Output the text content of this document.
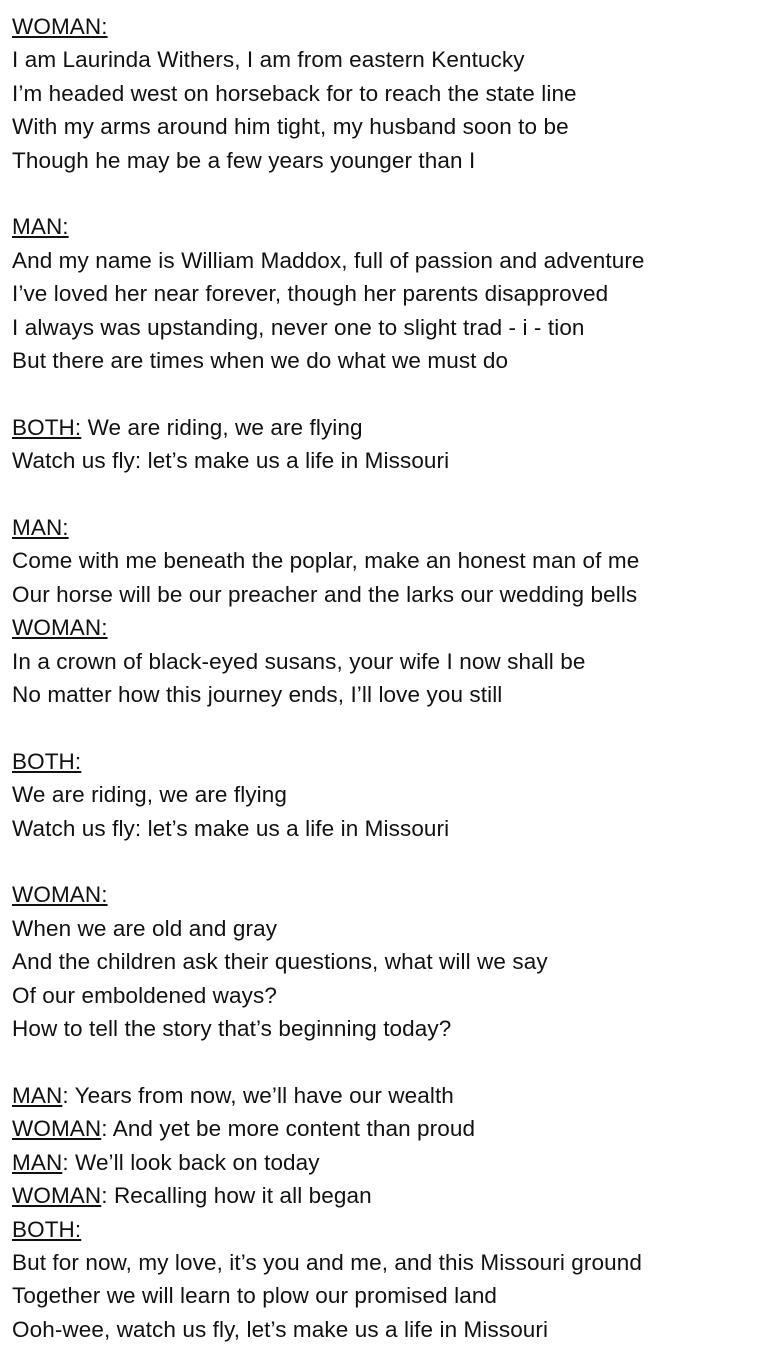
WOMAN:
I am Laurinda Withers, I am from eastern Kentucky
I’m headed west on horseback for to reach the state line
With my arms around him tight, my husband soon to be
Though he may be a few years younger than I
MAN:
And my name is William Maddox, full of passion and adventure
I’ve loved her near forever, though her parents disapproved
I always was upstanding, never one to slight trad - i - tion
But there are times when we do what we must do
BOTH: We are riding, we are flying
Watch us fly: let’s make us a life in Missouri
MAN:
Come with me beneath the poplar, make an honest man of me
Our horse will be our preacher and the larks our wedding bells
WOMAN:
In a crown of black-eyed susans, your wife I now shall be
No matter how this journey ends, I’ll love you still
BOTH:
We are riding, we are flying
Watch us fly: let’s make us a life in Missouri
WOMAN:
When we are old and gray
And the children ask their questions, what will we say
Of our emboldened ways?
How to tell the story that’s beginning today?
MAN: Years from now, we’ll have our wealth
WOMAN: And yet be more content than proud
MAN: We’ll look back on today
WOMAN: Recalling how it all began
BOTH:
But for now, my love, it’s you and me, and this Missouri ground
Together we will learn to plow our promised land
Ooh-wee, watch us fly, let’s make us a life in Missouri
